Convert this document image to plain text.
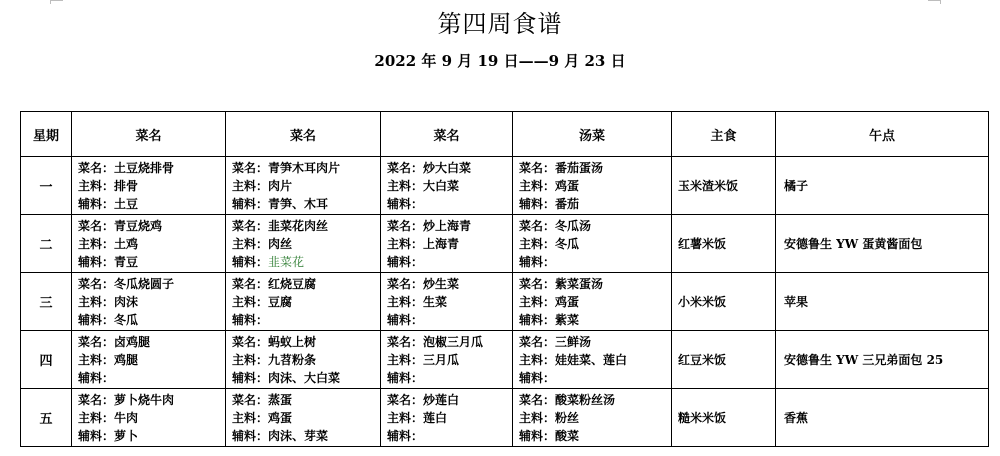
第四周食谱
2022 年 9 月 19 日——9 月 23 日
星期	菜名	菜名	菜名	汤菜	主食	午点
一	菜名：土豆烧排骨
主料：排骨
辅料：土豆	菜名：青笋木耳肉片
主料：肉片
辅料：青笋、木耳	菜名：炒大白菜
主料：大白菜
辅料：	菜名：番茄蛋汤
主料：鸡蛋
辅料：番茄	玉米渣米饭	橘子
二	菜名：青豆烧鸡
主料：土鸡
辅料：青豆	菜名：韭菜花肉丝
主料：肉丝
辅料：韭菜花	菜名：炒上海青
主料：上海青
辅料：	菜名：冬瓜汤
主料：冬瓜
辅料：	红薯米饭	安德鲁生 YW 蛋黄酱面包
三	菜名：冬瓜烧圆子
主料：肉沫
辅料：冬瓜	菜名：红烧豆腐
主料：豆腐
辅料：	菜名：炒生菜
主料：生菜
辅料：	菜名：紫菜蛋汤
主料：鸡蛋
辅料：紫菜	小米米饭	苹果
四	菜名：卤鸡腿
主料：鸡腿
辅料：	菜名：蚂蚁上树
主料：九苕粉条
辅料：肉沫、大白菜	菜名：泡椒三月瓜
主料：三月瓜
辅料：	菜名：三鲜汤
主料：娃娃菜、莲白
辅料：	红豆米饭	安德鲁生 YW 三兄弟面包 25
五	菜名：萝卜烧牛肉
主料：牛肉
辅料：萝卜	菜名：蒸蛋
主料：鸡蛋
辅料：肉沫、芽菜	菜名：炒莲白
主料：莲白
辅料：	菜名：酸菜粉丝汤
主料：粉丝
辅料：酸菜	糙米米饭	香蕉
